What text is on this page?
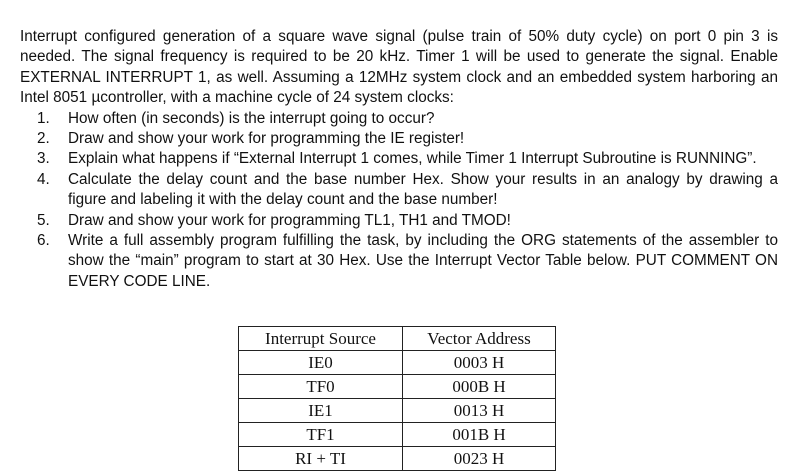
Interrupt configured generation of a square wave signal (pulse train of 50% duty cycle) on port 0 pin 3 is needed. The signal frequency is required to be 20 kHz. Timer 1 will be used to generate the signal. Enable EXTERNAL INTERRUPT 1, as well. Assuming a 12MHz system clock and an embedded system harboring an Intel 8051 µcontroller, with a machine cycle of 24 system clocks:

1. How often (in seconds) is the interrupt going to occur?
2. Draw and show your work for programming the IE register!
3. Explain what happens if “External Interrupt 1 comes, while Timer 1 Interrupt Subroutine is RUNNING”.
4. Calculate the delay count and the base number Hex. Show your results in an analogy by drawing a figure and labeling it with the delay count and the base number!
5. Draw and show your work for programming TL1, TH1 and TMOD!
6. Write a full assembly program fulfilling the task, by including the ORG statements of the assembler to show the “main” program to start at 30 Hex. Use the Interrupt Vector Table below. PUT COMMENT ON EVERY CODE LINE.
Interrupt Source	Vector Address
IE0	0003 H
TF0	000B H
IE1	0013 H
TF1	001B H
RI + TI	0023 H
